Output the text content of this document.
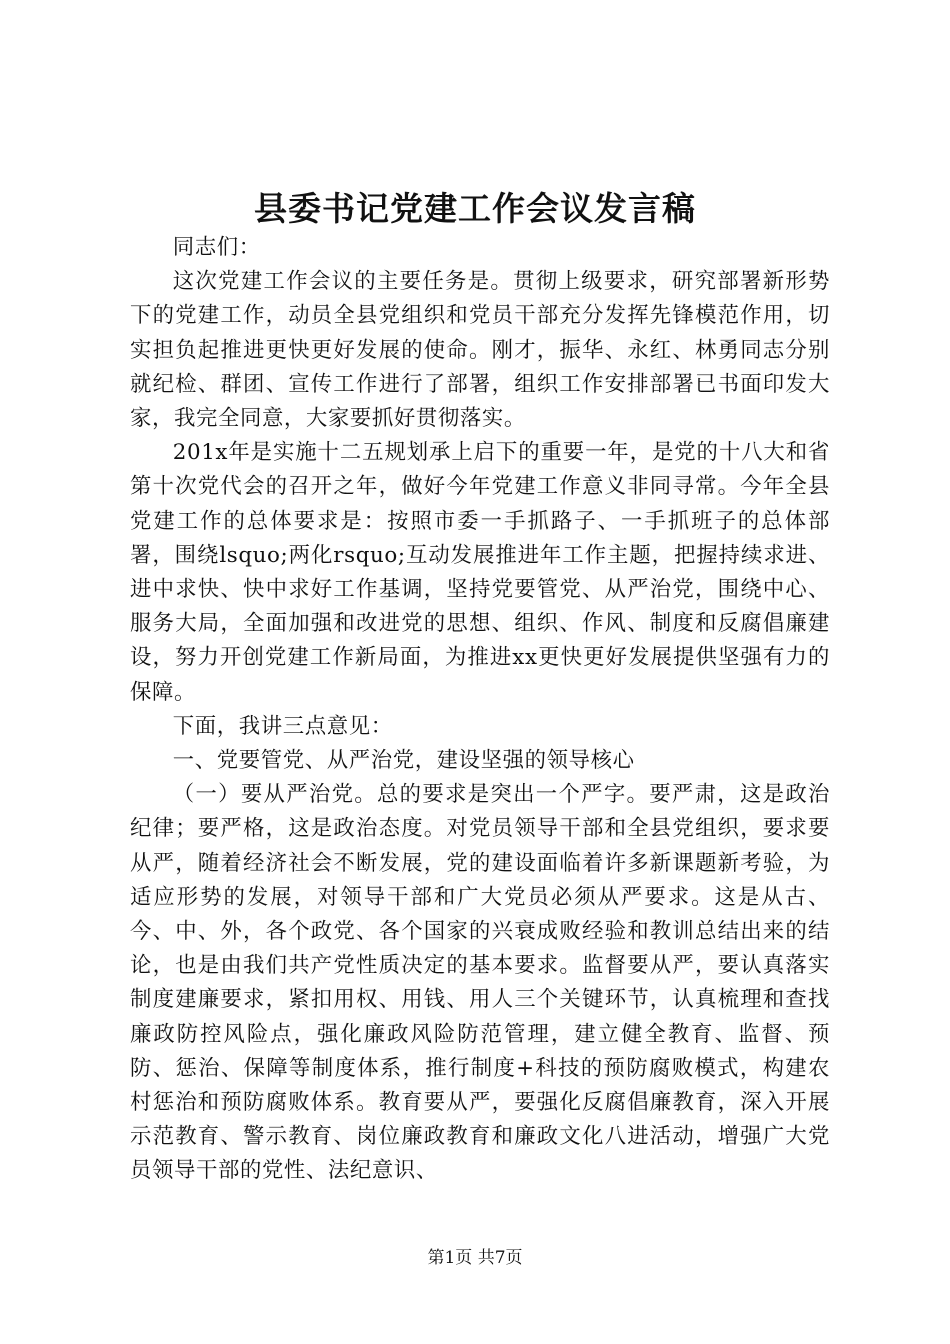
县委书记党建工作会议发言稿

同志们：

这次党建工作会议的主要任务是。贯彻上级要求，研究部署新形势下的党建工作，动员全县党组织和党员干部充分发挥先锋模范作用，切实担负起推进更快更好发展的使命。刚才，振华、永红、林勇同志分别就纪检、群团、宣传工作进行了部署，组织工作安排部署已书面印发大家，我完全同意，大家要抓好贯彻落实。

201x年是实施十二五规划承上启下的重要一年，是党的十八大和省第十次党代会的召开之年，做好今年党建工作意义非同寻常。今年全县党建工作的总体要求是：按照市委一手抓路子、一手抓班子的总体部署，围绕lsquo;两化rsquo;互动发展推进年工作主题，把握持续求进、进中求快、快中求好工作基调，坚持党要管党、从严治党，围绕中心、服务大局，全面加强和改进党的思想、组织、作风、制度和反腐倡廉建设，努力开创党建工作新局面，为推进xx更快更好发展提供坚强有力的保障。

下面，我讲三点意见：

一、党要管党、从严治党，建设坚强的领导核心

（一）要从严治党。总的要求是突出一个严字。要严肃，这是政治纪律；要严格，这是政治态度。对党员领导干部和全县党组织，要求要从严，随着经济社会不断发展，党的建设面临着许多新课题新考验，为适应形势的发展，对领导干部和广大党员必须从严要求。这是从古、今、中、外，各个政党、各个国家的兴衰成败经验和教训总结出来的结论，也是由我们共产党性质决定的基本要求。监督要从严，要认真落实制度建廉要求，紧扣用权、用钱、用人三个关键环节，认真梳理和查找廉政防控风险点，强化廉政风险防范管理，建立健全教育、监督、预防、惩治、保障等制度体系，推行制度+科技的预防腐败模式，构建农村惩治和预防腐败体系。教育要从严，要强化反腐倡廉教育，深入开展示范教育、警示教育、岗位廉政教育和廉政文化八进活动，增强广大党员领导干部的党性、法纪意识、

第1页 共7页
